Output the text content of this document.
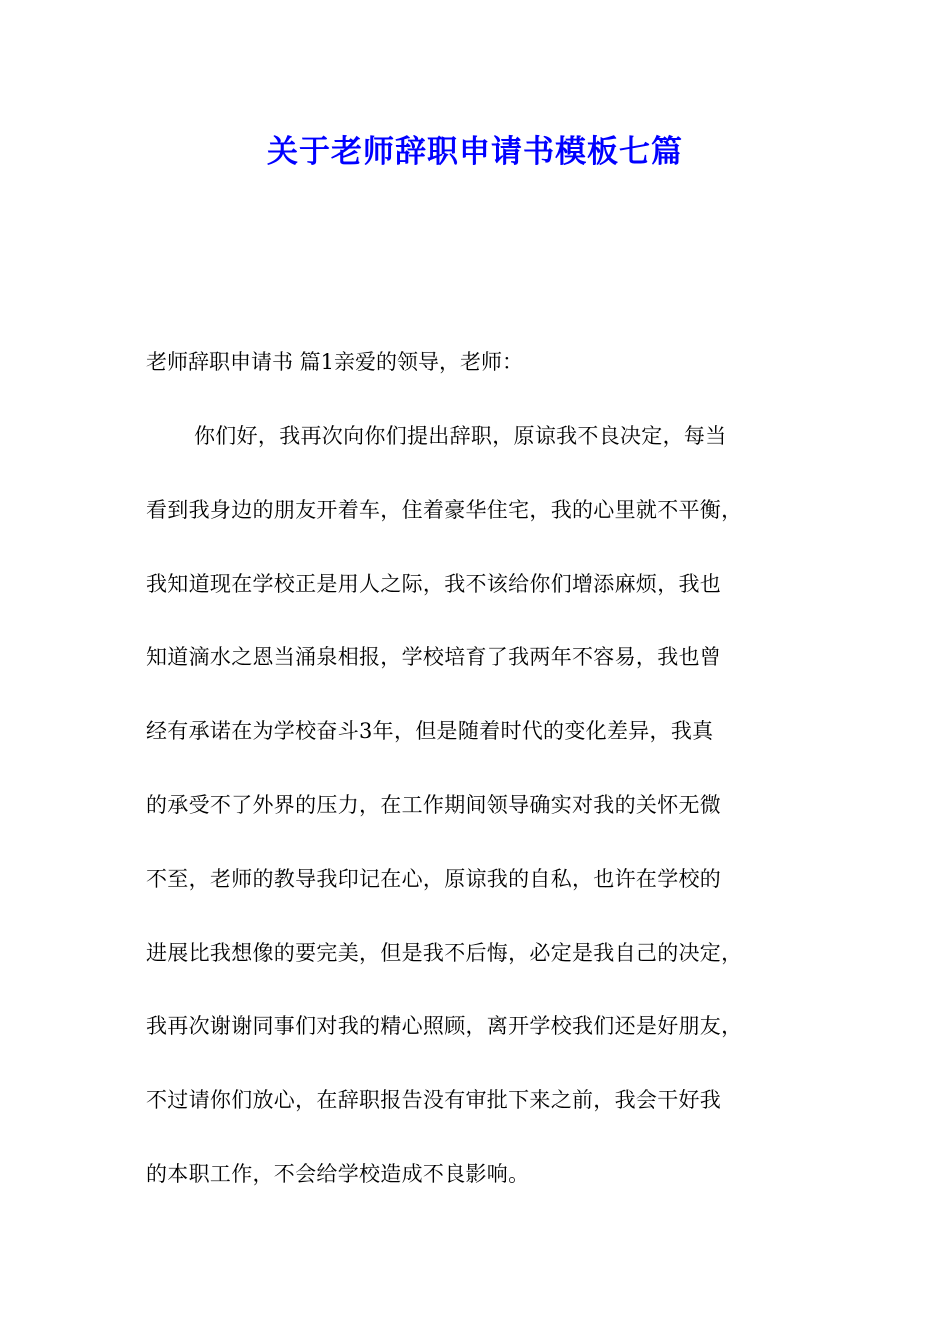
关于老师辞职申请书模板七篇

老师辞职申请书 篇1亲爱的领导，老师：

你们好，我再次向你们提出辞职，原谅我不良决定，每当
看到我身边的朋友开着车，住着豪华住宅，我的心里就不平衡，
我知道现在学校正是用人之际，我不该给你们增添麻烦，我也
知道滴水之恩当涌泉相报，学校培育了我两年不容易，我也曾
经有承诺在为学校奋斗3年，但是随着时代的变化差异，我真
的承受不了外界的压力，在工作期间领导确实对我的关怀无微
不至，老师的教导我印记在心，原谅我的自私，也许在学校的
进展比我想像的要完美，但是我不后悔，必定是我自己的决定，
我再次谢谢同事们对我的精心照顾，离开学校我们还是好朋友，
不过请你们放心，在辞职报告没有审批下来之前，我会干好我
的本职工作，不会给学校造成不良影响。
